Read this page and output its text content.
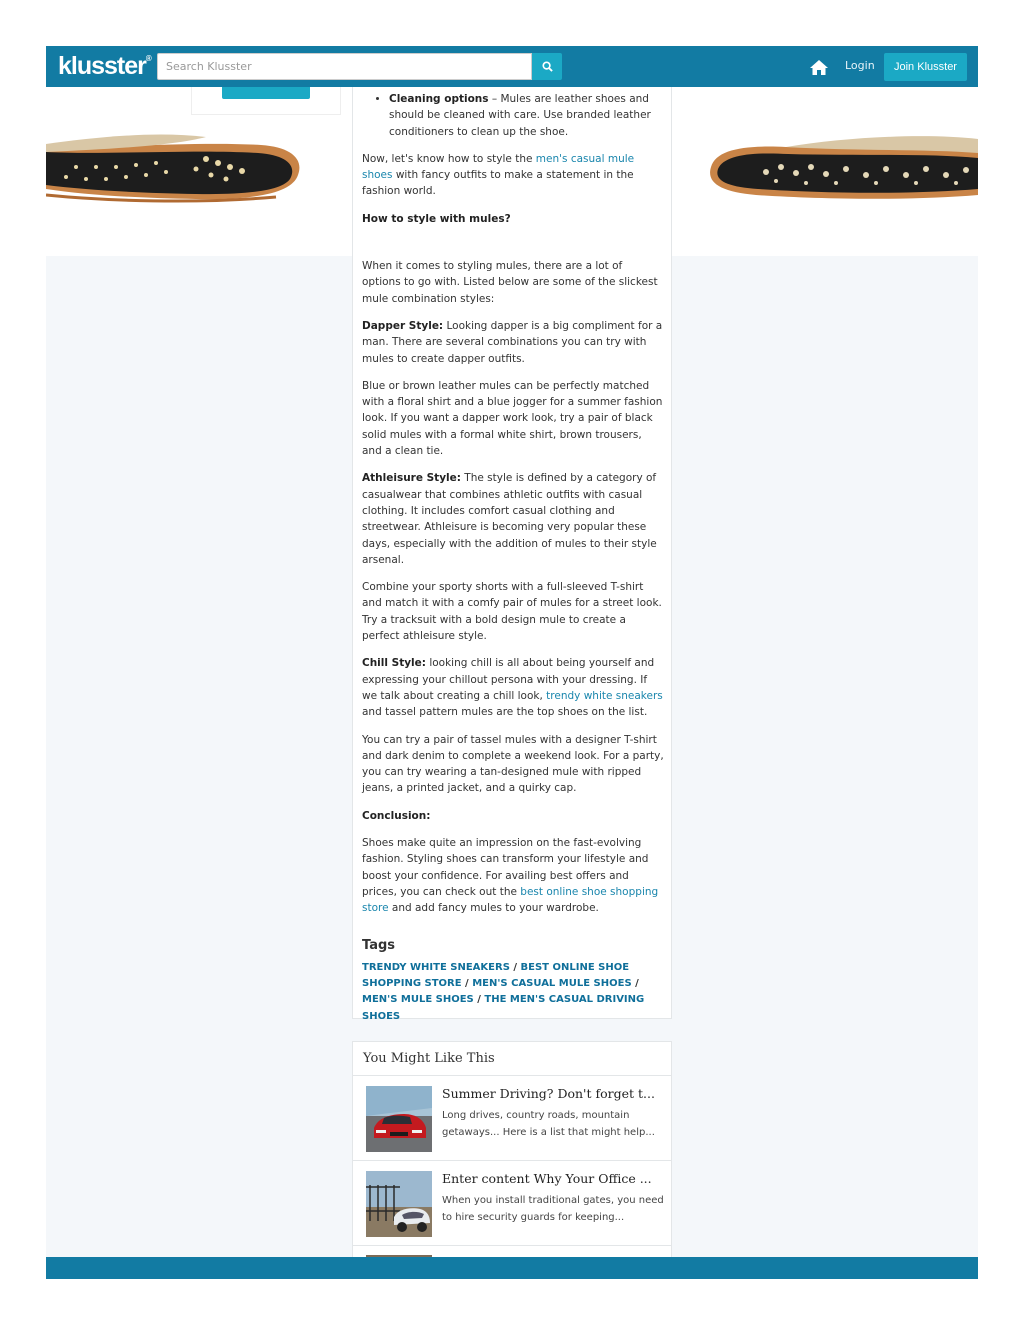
• Cleaning options – Mules are leather shoes and should be cleaned with care. Use branded leather conditioners to clean up the shoe.

Now, let's know how to style the men's casual mule shoes with fancy outfits to make a statement in the fashion world.

How to style with mules?

When it comes to styling mules, there are a lot of options to go with. Listed below are some of the slickest mule combination styles:

Dapper Style: Looking dapper is a big compliment for a man. There are several combinations you can try with mules to create dapper outfits.

Blue or brown leather mules can be perfectly matched with a floral shirt and a blue jogger for a summer fashion look. If you want a dapper work look, try a pair of black solid mules with a formal white shirt, brown trousers, and a clean tie.

Athleisure Style: The style is defined by a category of casualwear that combines athletic outfits with casual clothing. It includes comfort casual clothing and streetwear. Athleisure is becoming very popular these days, especially with the addition of mules to their style arsenal.

Combine your sporty shorts with a full-sleeved T-shirt and match it with a comfy pair of mules for a street look. Try a tracksuit with a bold design mule to create a perfect athleisure style.

Chill Style: looking chill is all about being yourself and expressing your chillout persona with your dressing. If we talk about creating a chill look, trendy white sneakers and tassel pattern mules are the top shoes on the list.

You can try a pair of tassel mules with a designer T-shirt and dark denim to complete a weekend look. For a party, you can try wearing a tan-designed mule with ripped jeans, a printed jacket, and a quirky cap.

Conclusion:

Shoes make quite an impression on the fast-evolving fashion. Styling shoes can transform your lifestyle and boost your confidence. For availing best offers and prices, you can check out the best online shoe shopping store and add fancy mules to your wardrobe.

Tags
TRENDY WHITE SNEAKERS / BEST ONLINE SHOE SHOPPING STORE / MEN'S CASUAL MULE SHOES / MEN'S MULE SHOES / THE MEN'S CASUAL DRIVING SHOES
You Might Like This
Summer Driving? Don't forget t...
Long drives, country roads, mountain getaways... Here is a list that might help...
Enter content Why Your Office ...
When you install traditional gates, you need to hire security guards for keeping...
klusster®
Search Klusster
Login	Join Klusster
